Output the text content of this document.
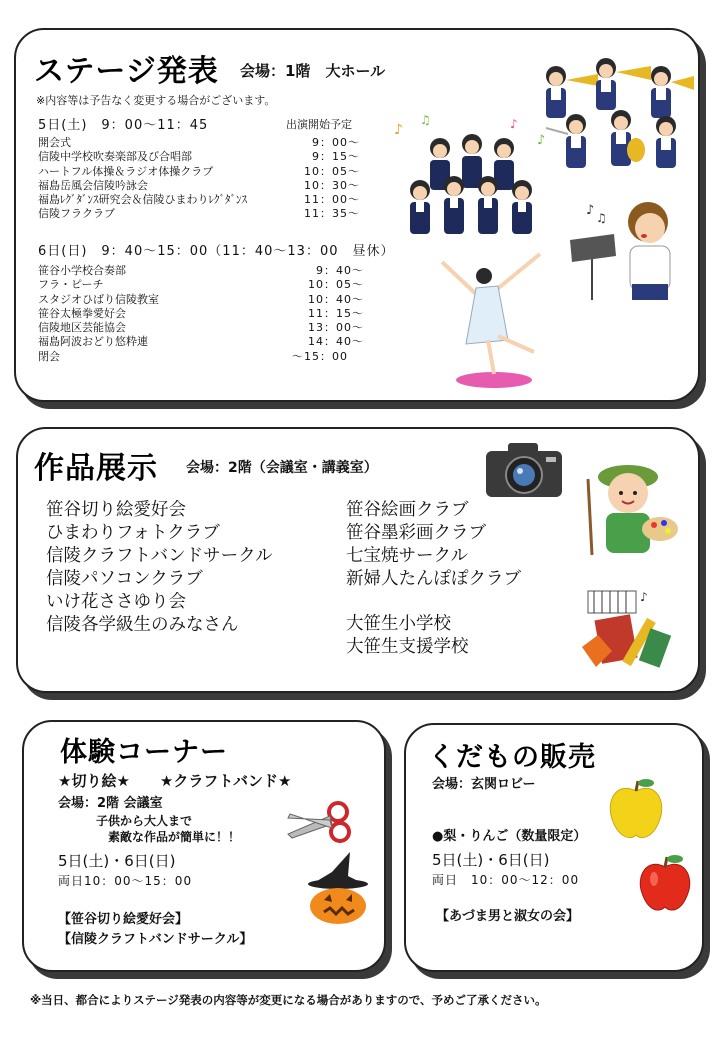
ステージ発表 会場：1階　大ホール
※内容等は予告なく変更する場合がございます。
5日(土)　9：00～11：45	出演開始予定
開会式	9：00～
信陵中学校吹奏楽部及び合唱部	9：15～
ハートフル体操＆ラジオ体操クラブ	10：05～
福島岳風会信陵吟詠会	10：30～
福島ﾚｸﾞﾀﾞﾝｽ研究会＆信陵ひまわりﾚｸﾞﾀﾞﾝｽ	11：00～
信陵フラクラブ	11：35～
6日(日)　9：40～15：00（11：40～13：00　昼休）
笹谷小学校合奏部	9：40～
フラ・ピーチ	10：05～
スタジオひばり信陵教室	10：40～
笹谷太極拳愛好会	11：15～
信陵地区芸能協会	13：00～
福島阿波おどり悠粋連	14：40～
閉会	～15：00
♪
♫	♪
♪
♪ ♫
作品展示 会場：2階（会議室・講義室）
笹谷切り絵愛好会
ひまわりフォトクラブ
信陵クラフトバンドサークル
信陵パソコンクラブ
いけ花ささゆり会
信陵各学級生のみなさん
笹谷絵画クラブ
笹谷墨彩画クラブ
七宝焼サークル
新婦人たんぽぽクラブ
大笹生小学校
大笹生支援学校
♪
体験コーナー
★切り絵★　　★クラフトバンド★
会場：2階 会議室
子供から大人まで
素敵な作品が簡単に！！
5日(土)・6日(日)
両日10：00～15：00
【笹谷切り絵愛好会】
【信陵クラフトバンドサークル】
くだもの販売
会場：玄関ロビー
●梨・りんご（数量限定）
5日(土)・6日(日)
両日　10：00～12：00
【あづま男と淑女の会】
※当日、都合によりステージ発表の内容等が変更になる場合がありますので、予めご了承ください。
